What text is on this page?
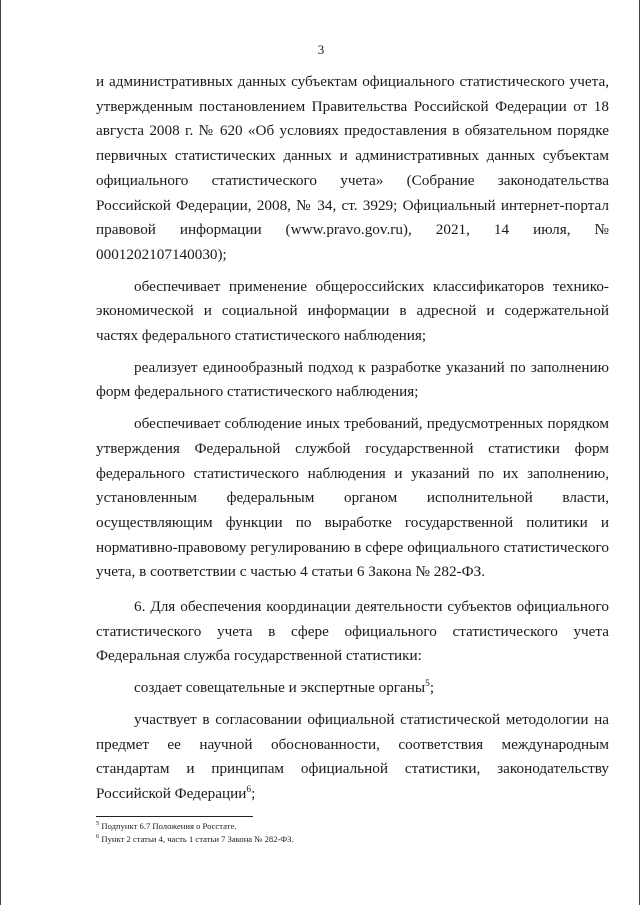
3

и административных данных субъектам официального статистического учета, утвержденным постановлением Правительства Российской Федерации от 18 августа 2008 г. № 620 «Об условиях предоставления в обязательном порядке первичных статистических данных и административных данных субъектам официального статистического учета» (Собрание законодательства Российской Федерации, 2008, № 34, ст. 3929; Официальный интернет-портал правовой информации (www.pravo.gov.ru), 2021, 14 июля, № 0001202107140030);

обеспечивает применение общероссийских классификаторов технико-экономической и социальной информации в адресной и содержательной частях федерального статистического наблюдения;

реализует единообразный подход к разработке указаний по заполнению форм федерального статистического наблюдения;

обеспечивает соблюдение иных требований, предусмотренных порядком утверждения Федеральной службой государственной статистики форм федерального статистического наблюдения и указаний по их заполнению, установленным федеральным органом исполнительной власти, осуществляющим функции по выработке государственной политики и нормативно-правовому регулированию в сфере официального статистического учета, в соответствии с частью 4 статьи 6 Закона № 282-ФЗ.

6. Для обеспечения координации деятельности субъектов официального статистического учета в сфере официального статистического учета Федеральная служба государственной статистики:

создает совещательные и экспертные органы$^5$;

участвует в согласовании официальной статистической методологии на предмет ее научной обоснованности, соответствия международным стандартам и принципам официальной статистики, законодательству Российской Федерации$^6$;

$^5$ Подпункт 6.7 Положения о Росстате.
$^6$ Пункт 2 статьи 4, часть 1 статьи 7 Закона № 282-ФЗ.
